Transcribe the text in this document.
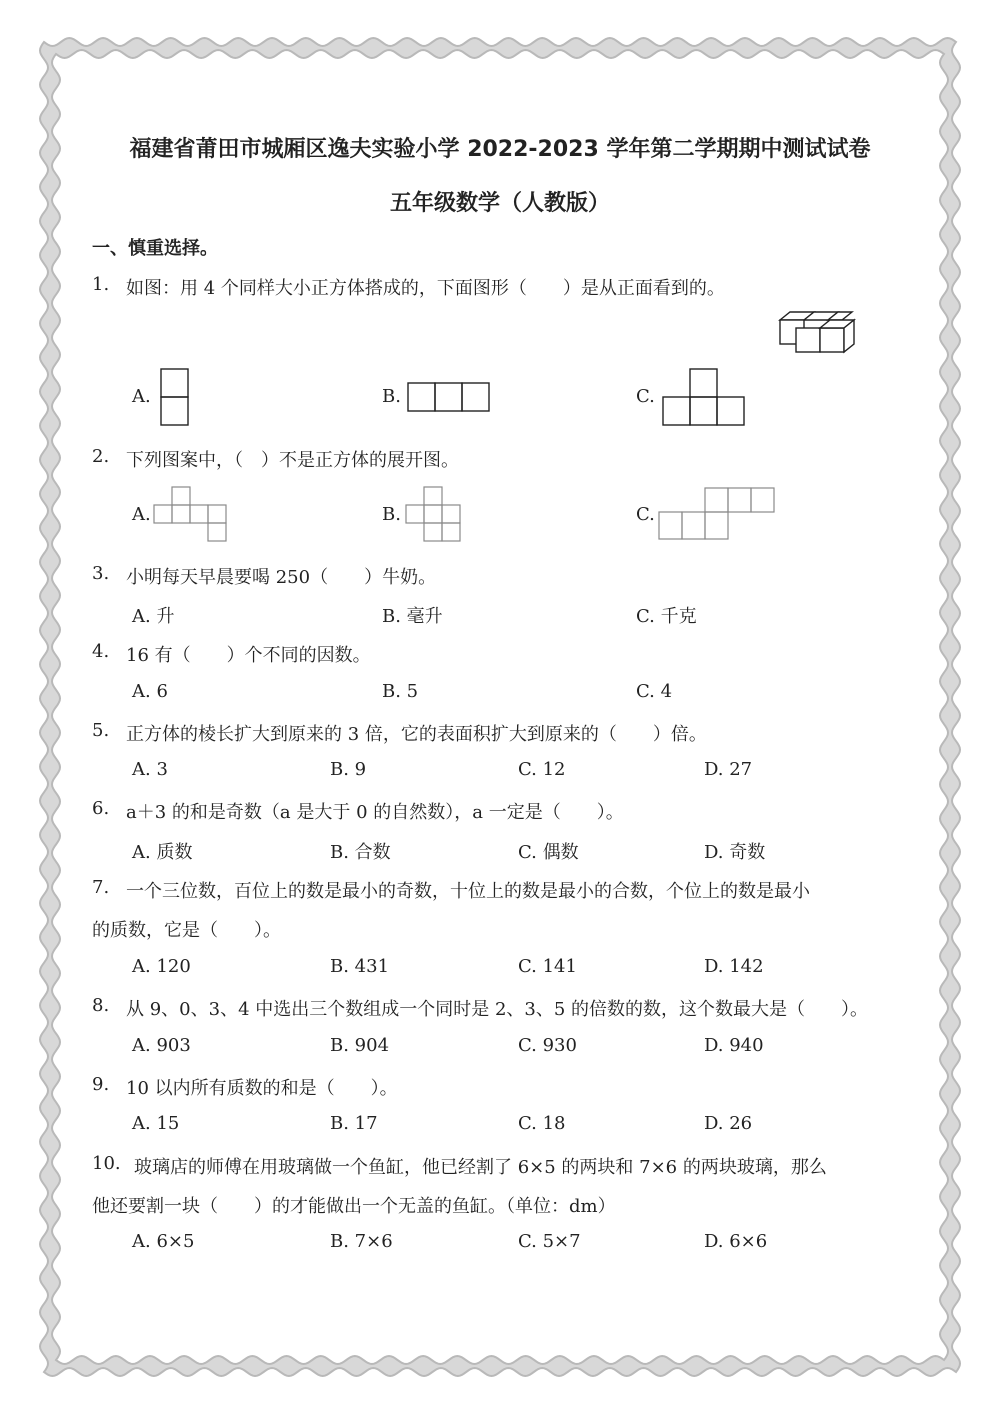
福建省莆田市城厢区逸夫实验小学 2022-2023 学年第二学期期中测试试卷
五年级数学（人教版）
一、慎重选择。
1. 如图：用 4 个同样大小正方体搭成的，下面图形（　　）是从正面看到的。
A.	B.	C.
2. 下列图案中，（　）不是正方体的展开图。
A.	B.	C.
3. 小明每天早晨要喝 250（　　）牛奶。
A. 升	B. 毫升	C. 千克
4. 16 有（　　）个不同的因数。
A. 6	B. 5	C. 4
5. 正方体的棱长扩大到原来的 3 倍，它的表面积扩大到原来的（　　）倍。
A. 3	B. 9	C. 12	D. 27
6. a＋3 的和是奇数（a 是大于 0 的自然数），a 一定是（　　）。
A. 质数	B. 合数	C. 偶数	D. 奇数
7. 一个三位数，百位上的数是最小的奇数，十位上的数是最小的合数，个位上的数是最小
的质数，它是（　　）。
A. 120	B. 431	C. 141	D. 142
8. 从 9、0、3、4 中选出三个数组成一个同时是 2、3、5 的倍数的数，这个数最大是（　　）。
A. 903	B. 904	C. 930	D. 940
9. 10 以内所有质数的和是（　　）。
A. 15	B. 17	C. 18	D. 26
10. 玻璃店的师傅在用玻璃做一个鱼缸，他已经割了 6×5 的两块和 7×6 的两块玻璃，那么
他还要割一块（　　）的才能做出一个无盖的鱼缸。（单位：dm）
A. 6×5	B. 7×6	C. 5×7	D. 6×6
